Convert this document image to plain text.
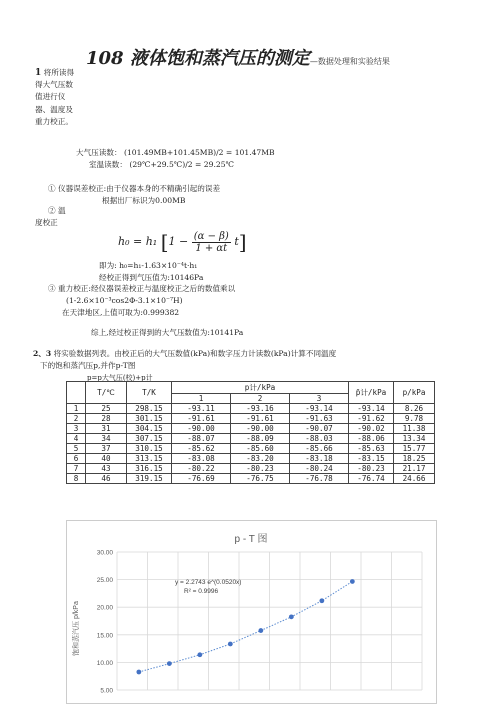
108 液体饱和蒸汽压的测定—数据处理和实验结果
1 将所读得得大气压数值进行仪器、温度及重力校正。
大气压读数： (101.49MB+101.45MB)/2 = 101.47MB
室温读数： (29℃+29.5℃)/2 = 29.25℃
① 仪器误差校正:由于仪器本身的不精确引起的误差
根据出厂标识为0.00MB
② 温
度校正
h₀ = h₁ $[1 - \frac{(\alpha - \beta)}{1 + \alpha t} t]$
即为: h₀=h₁-1.63×10⁻⁴t·h₁
经校正得到气压值为:10146Pa
③ 重力校正:经仪器误差校正与温度校正之后的数值乘以
(1-2.6×10⁻³cos2Φ-3.1×10⁻⁷H)
在天津地区,上值可取为:0.999382
综上,经过校正得到的大气压数值为:10141Pa
2、3 将实验数据列表。由校正后的大气压数值(kPa)和数字压力计读数(kPa)计算不同温度
下的饱和蒸汽压p,并作p-T图
p=p大气压(校)+p计
	T/℃	T/K	p计/kPa			p̄计/kPa	p/kPa
			1	2	3		
1	25	298.15	-93.11	-93.16	-93.14	-93.14	8.26
2	28	301.15	-91.61	-91.61	-91.63	-91.62	9.78
3	31	304.15	-90.00	-90.00	-90.07	-90.02	11.38
4	34	307.15	-88.07	-88.09	-88.03	-88.06	13.34
5	37	310.15	-85.62	-85.60	-85.66	-85.63	15.77
6	40	313.15	-83.08	-83.20	-83.18	-83.15	18.25
7	43	316.15	-80.22	-80.23	-80.24	-80.23	21.17
8	46	319.15	-76.69	-76.75	-76.78	-76.74	24.66
p - T 图
饱和蒸汽压 p/kPa
30.00
25.00
20.00
15.00
10.00
5.00
y = 2.2743 e^(0.0520x)
R² = 0.9996
